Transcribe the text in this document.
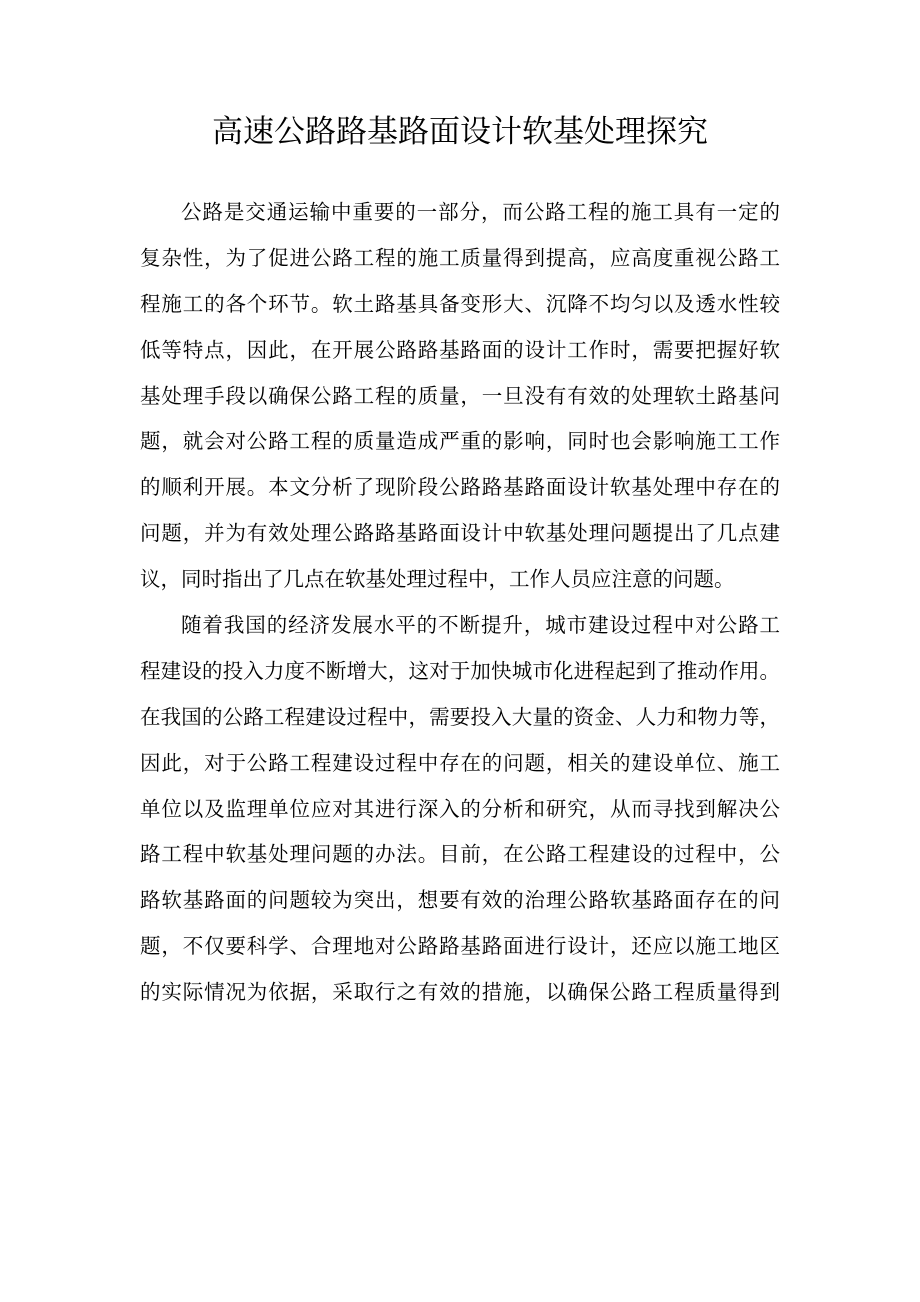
高速公路路基路面设计软基处理探究

公路是交通运输中重要的一部分，而公路工程的施工具有一定的
复杂性，为了促进公路工程的施工质量得到提高，应高度重视公路工
程施工的各个环节。软土路基具备变形大、沉降不均匀以及透水性较
低等特点，因此，在开展公路路基路面的设计工作时，需要把握好软
基处理手段以确保公路工程的质量，一旦没有有效的处理软土路基问
题，就会对公路工程的质量造成严重的影响，同时也会影响施工工作
的顺利开展。本文分析了现阶段公路路基路面设计软基处理中存在的
问题，并为有效处理公路路基路面设计中软基处理问题提出了几点建
议，同时指出了几点在软基处理过程中，工作人员应注意的问题。

随着我国的经济发展水平的不断提升，城市建设过程中对公路工
程建设的投入力度不断增大，这对于加快城市化进程起到了推动作用。
在我国的公路工程建设过程中，需要投入大量的资金、人力和物力等，
因此，对于公路工程建设过程中存在的问题，相关的建设单位、施工
单位以及监理单位应对其进行深入的分析和研究，从而寻找到解决公
路工程中软基处理问题的办法。目前，在公路工程建设的过程中，公
路软基路面的问题较为突出，想要有效的治理公路软基路面存在的问
题，不仅要科学、合理地对公路路基路面进行设计，还应以施工地区
的实际情况为依据，采取行之有效的措施，以确保公路工程质量得到
